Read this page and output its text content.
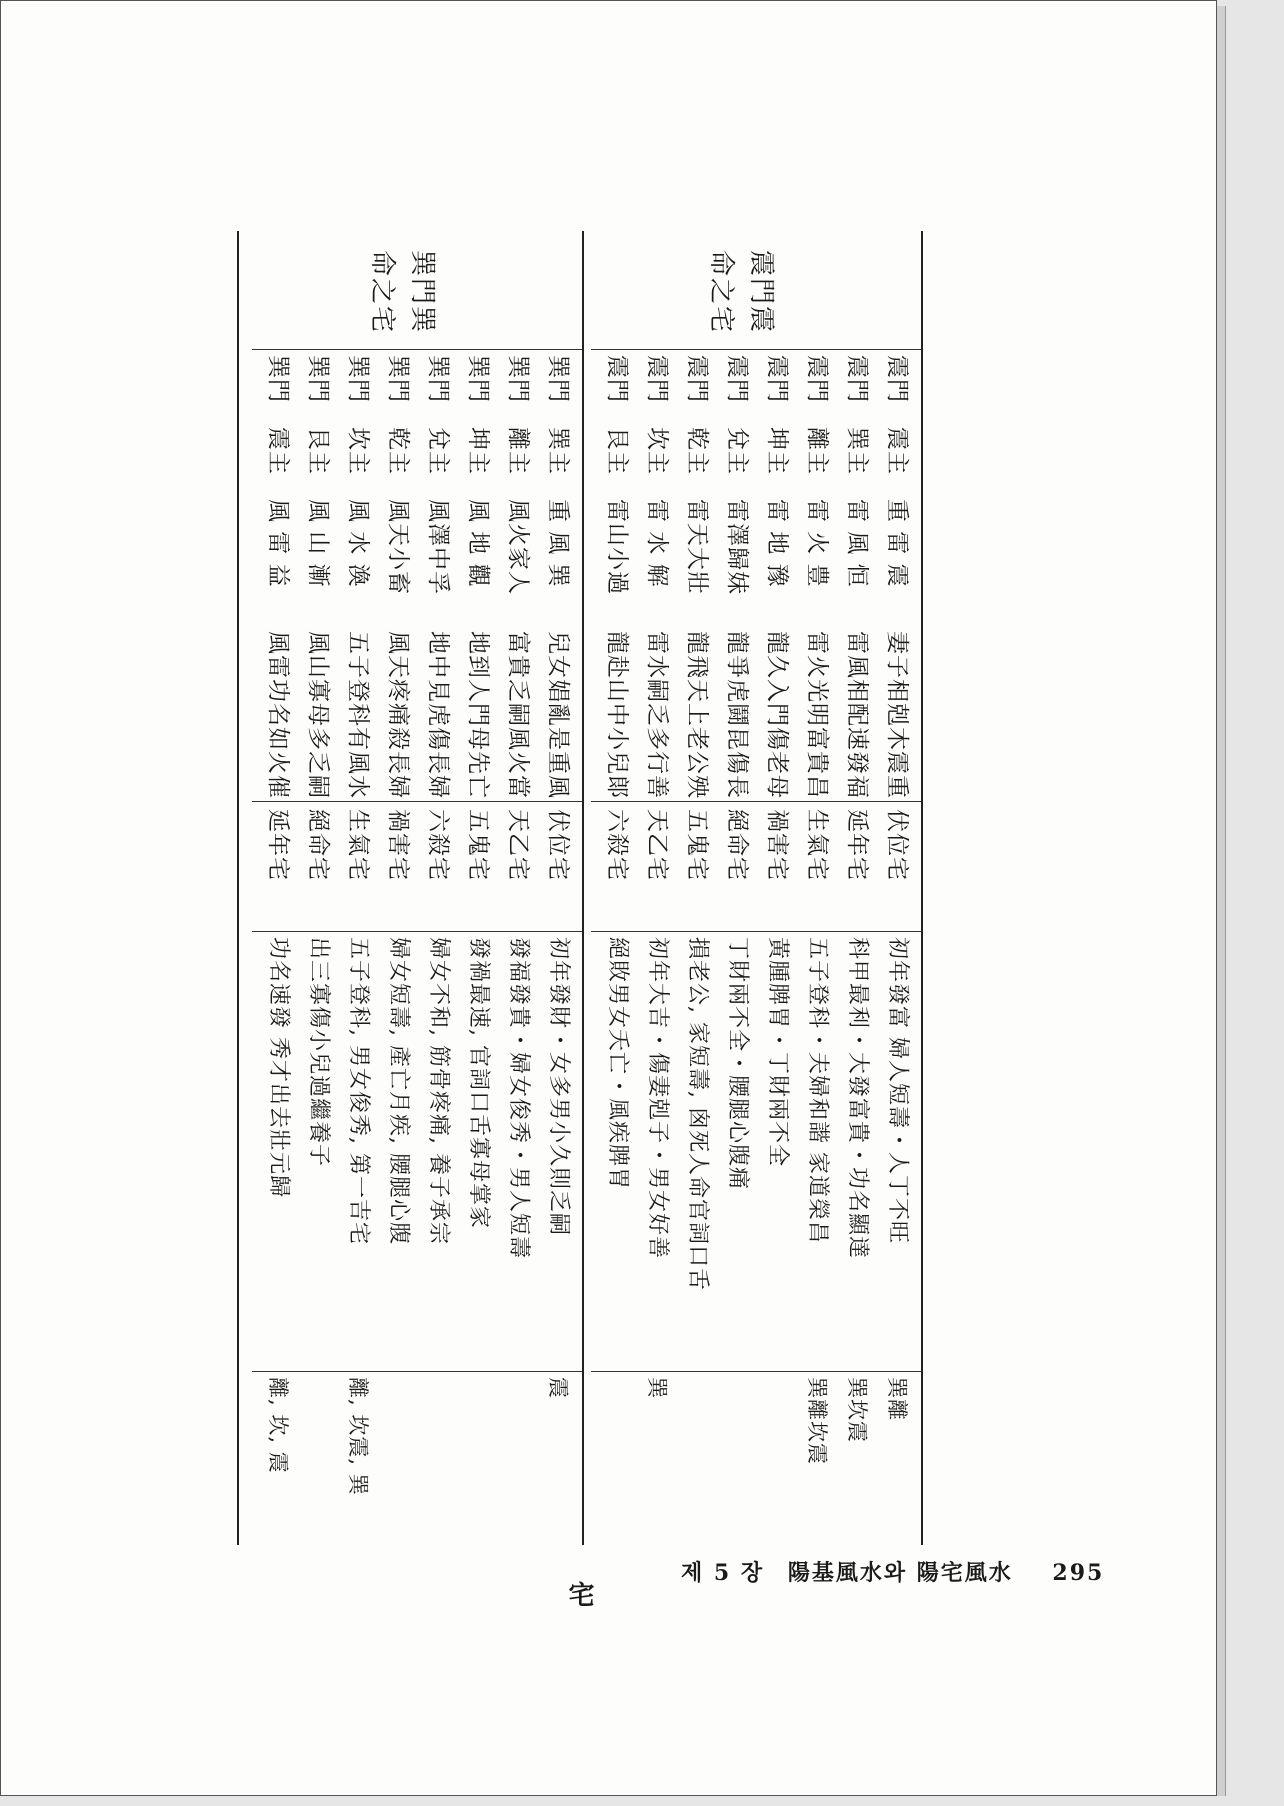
震門震命之宅
震門
震主
重 雷 震
妻子相剋木震重
伏位宅
初年發富 婦人短壽・人丁不旺
巽離
震門
巽主
雷 風 恒
雷風相配速發福
延年宅
科甲最利・大發富貴・功名顯達
巽坎震
震門
離主
雷 火 豊
雷火光明富貴昌
生氣宅
五子登科・夫婦和諧 家道榮昌
巽離坎震
震門
坤主
雷 地 豫
龍久入門傷老母
禍害宅
黃腫脾胃・丁財兩不全
震門
兌主
雷澤歸妹
龍爭虎鬪昆傷長
絕命宅
丁財兩不全・腰腿心腹痛
震門
乾主
雷天大壯
龍飛天上老公殃
五鬼宅
損老公, 家短壽, 囪死人命官詞口舌
震門
坎主
雷 水 解
雷水嗣乏多行善
天乙宅
初年大吉・傷妻剋子・男女好善
巽
震門
艮主
雷山小過
龍赴山中小兒郞
六殺宅
絕敗男女夭亡・風疾脾胃
巽門巽命之宅
巽門
巽主
重 風 巽
兒女娼亂是重風
伏位宅
初年發財・女多男小久則乏嗣
震
巽門
離主
風火家人
富貴乏嗣風火當
天乙宅
發福發貴・婦女俊秀・男人短壽
巽門
坤主
風 地 觀
地到人門母先亡
五鬼宅
發禍最速, 官詞口舌寡母掌家
巽門
兌主
風澤中孚
地中見虎傷長婦
六殺宅
婦女不和, 筋骨疼痛, 養子承宗
巽門
乾主
風天小畜
風天疼痛殺長婦
禍害宅
婦女短壽, 產亡月疾, 腰腿心腹
巽門
坎主
風 水 渙
五子登科有風水
生氣宅
五子登科, 男女俊秀, 第一吉宅
離, 坎震, 巽
巽門
艮主
風 山 漸
風山寡母多乏嗣
絕命宅
出三寡傷小兒過繼養子
巽門
震主
風 雷 益
風雷功名如火催
延年宅
功名速發 秀才出去壯元歸
離, 坎, 震
宅
제 5 장 陽基風水와 陽宅風水 295
